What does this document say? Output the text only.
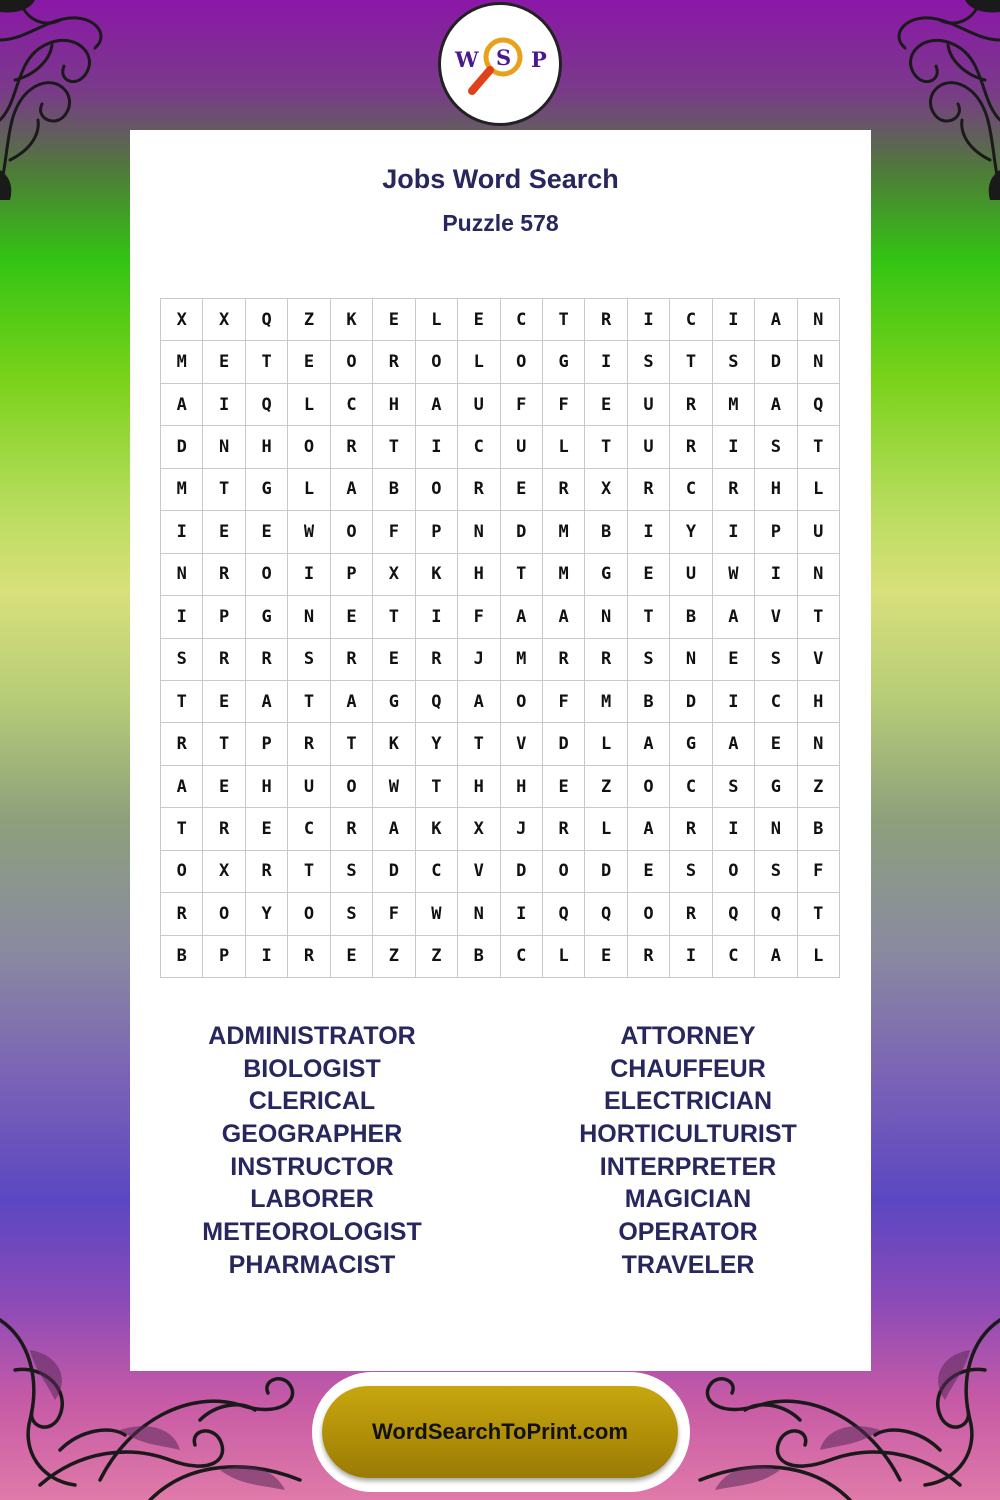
W S P
Jobs Word Search
Puzzle 578
X	X	Q	Z	K	E	L	E	C	T	R	I	C	I	A	N
M	E	T	E	O	R	O	L	O	G	I	S	T	S	D	N
A	I	Q	L	C	H	A	U	F	F	E	U	R	M	A	Q
D	N	H	O	R	T	I	C	U	L	T	U	R	I	S	T
M	T	G	L	A	B	O	R	E	R	X	R	C	R	H	L
I	E	E	W	O	F	P	N	D	M	B	I	Y	I	P	U
N	R	O	I	P	X	K	H	T	M	G	E	U	W	I	N
I	P	G	N	E	T	I	F	A	A	N	T	B	A	V	T
S	R	R	S	R	E	R	J	M	R	R	S	N	E	S	V
T	E	A	T	A	G	Q	A	O	F	M	B	D	I	C	H
R	T	P	R	T	K	Y	T	V	D	L	A	G	A	E	N
A	E	H	U	O	W	T	H	H	E	Z	O	C	S	G	Z
T	R	E	C	R	A	K	X	J	R	L	A	R	I	N	B
O	X	R	T	S	D	C	V	D	O	D	E	S	O	S	F
R	O	Y	O	S	F	W	N	I	Q	Q	O	R	Q	Q	T
B	P	I	R	E	Z	Z	B	C	L	E	R	I	C	A	L
ADMINISTRATOR
BIOLOGIST
CLERICAL
GEOGRAPHER
INSTRUCTOR
LABORER
METEOROLOGIST
PHARMACIST
ATTORNEY
CHAUFFEUR
ELECTRICIAN
HORTICULTURIST
INTERPRETER
MAGICIAN
OPERATOR
TRAVELER
WordSearchToPrint.com
